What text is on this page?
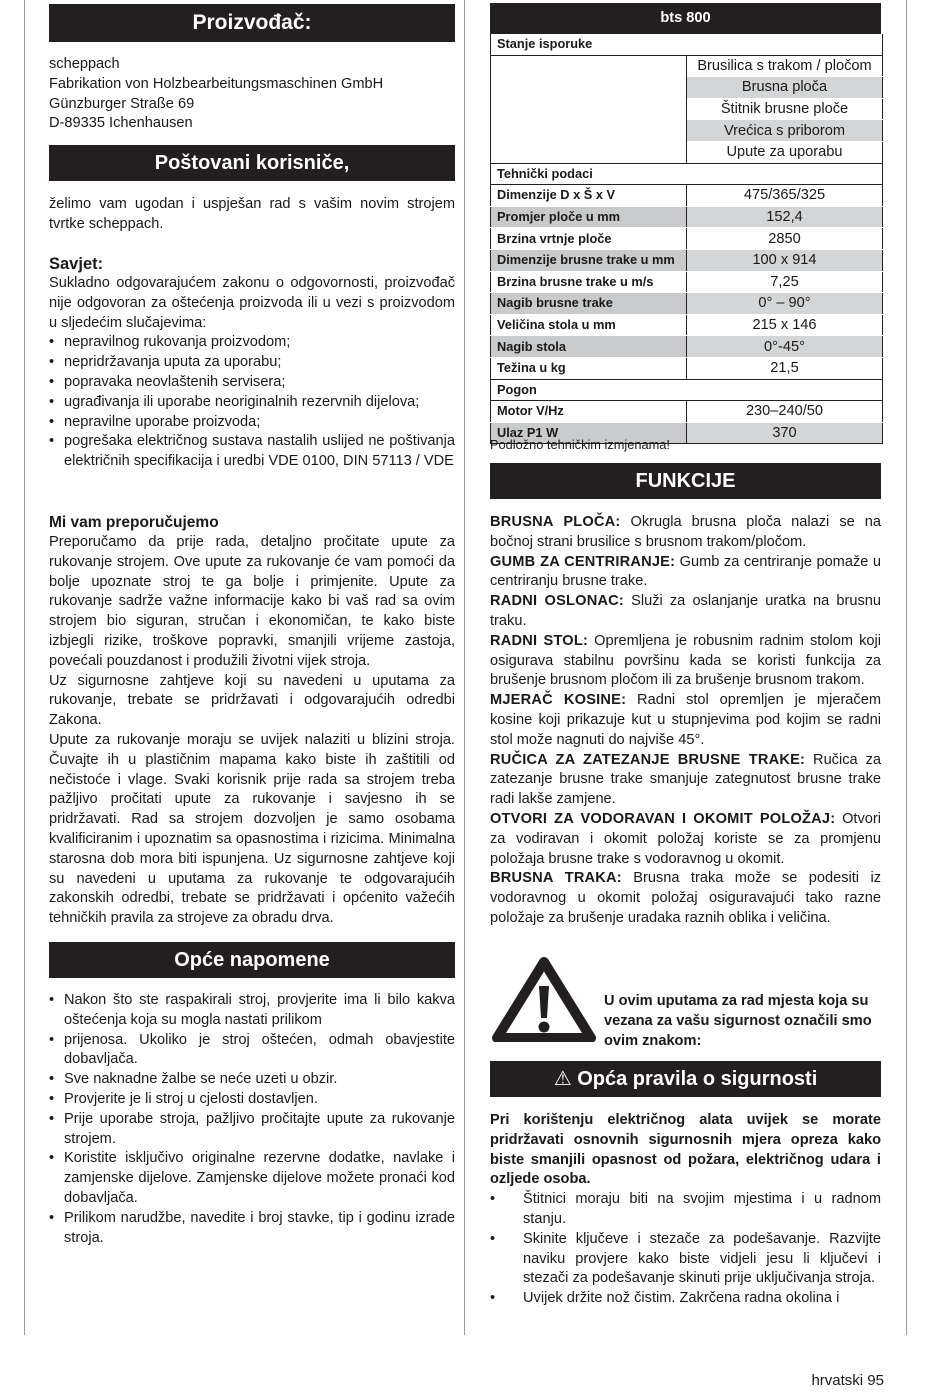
Proizvođač:

scheppach

Fabrikation von Holzbearbeitungsmaschinen GmbH

Günzburger Straße 69

D-89335 Ichenhausen

Poštovani korisniče,

želimo vam ugodan i uspješan rad s vašim novim strojem tvrtke scheppach.

Savjet:

Sukladno odgovarajućem zakonu o odgovornosti, proizvođač nije odgovoran za oštećenja proizvoda ili u vezi s proizvodom u sljedećim slučajevima:

• nepravilnog rukovanja proizvodom;
• nepridržavanja uputa za uporabu;
• popravaka neovlaštenih servisera;
• ugrađivanja ili uporabe neoriginalnih rezervnih dijelova;
• nepravilne uporabe proizvoda;
• pogrešaka električnog sustava nastalih uslijed ne poštivanja električnih specifikacija i uredbi VDE 0100, DIN 57113 / VDE

Mi vam preporučujemo

Preporučamo da prije rada, detaljno pročitate upute za rukovanje strojem. Ove upute za rukovanje će vam pomoći da bolje upoznate stroj te ga bolje i primjenite. Upute za rukovanje sadrže važne informacije kako bi vaš rad sa ovim strojem bio siguran, stručan i ekonomičan, te kako biste izbjegli rizike, troškove popravki, smanjili vrijeme zastoja, povećali pouzdanost i produžili životni vijek stroja.

Uz sigurnosne zahtjeve koji su navedeni u uputama za rukovanje, trebate se pridržavati i odgovarajućih odredbi Zakona.

Upute za rukovanje moraju se uvijek nalaziti u blizini stroja. Čuvajte ih u plastičnim mapama kako biste ih zaštitili od nečistoće i vlage. Svaki korisnik prije rada sa strojem treba pažljivo pročitati upute za rukovanje i savjesno ih se pridržavati. Rad sa strojem dozvoljen je samo osobama kvalificiranim i upoznatim sa opasnostima i rizicima. Minimalna starosna dob mora biti ispunjena. Uz sigurnosne zahtjeve koji su navedeni u uputama za rukovanje te odgovarajućih zakonskih odredbi, trebate se pridržavati i općenito važećih tehničkih pravila za strojeve za obradu drva.

Opće napomene
• Nakon što ste raspakirali stroj, provjerite ima li bilo kakva oštećenja koja su mogla nastati prilikom
• prijenosa. Ukoliko je stroj oštećen, odmah obavjestite dobavljača.
• Sve naknadne žalbe se neće uzeti u obzir.
• Provjerite je li stroj u cjelosti dostavljen.
• Prije uporabe stroja, pažljivo pročitajte upute za rukovanje strojem.
• Koristite isključivo originalne rezervne dodatke, navlake i zamjenske dijelove. Zamjenske dijelove možete pronaći kod dobavljača.
• Prilikom narudžbe, navedite i broj stavke, tip i godinu izrade stroja.
bts 800
Stanje isporuke	
	Brusilica s trakom / pločom
	Brusna ploča
	Štitnik brusne ploče
	Vrećica s priborom
	Upute za uporabu
Tehnički podaci	
Dimenzije D x Š x V	475/365/325
Promjer ploče u mm	152,4
Brzina vrtnje ploče	2850
Dimenzije brusne trake u mm	100 x 914
Brzina brusne trake u m/s	7,25
Nagib brusne trake	0° – 90°
Veličina stola u mm	215 x 146
Nagib stola	0°-45°
Težina u kg	21,5
Pogon	
Motor V/Hz	230–240/50
Ulaz P1 W	370

Podložno tehničkim izmjenama!

FUNKCIJE

BRUSNA PLOČA: Okrugla brusna ploča nalazi se na bočnoj strani brusilice s brusnom trakom/pločom.

GUMB ZA CENTRIRANJE: Gumb za centriranje pomaže u centriranju brusne trake.

RADNI OSLONAC: Služi za oslanjanje uratka na brusnu traku.

RADNI STOL: Opremljena je robusnim radnim stolom koji osigurava stabilnu površinu kada se koristi funkcija za brušenje brusnom pločom ili za brušenje brusnom trakom.

MJERAČ KOSINE: Radni stol opremljen je mjeračem kosine koji prikazuje kut u stupnjevima pod kojim se radni stol može nagnuti do najviše 45°.

RUČICA ZA ZATEZANJE BRUSNE TRAKE: Ručica za zatezanje brusne trake smanjuje zategnutost brusne trake radi lakše zamjene.

OTVORI ZA VODORAVAN I OKOMIT POLOŽAJ: Otvori za vodiravan i okomit položaj koriste se za promjenu položaja brusne trake s vodoravnog u okomit.

BRUSNA TRAKA: Brusna traka može se podesiti iz vodoravnog u okomit položaj osiguravajući tako razne položaje za brušenje uradaka raznih oblika i veličina.

U ovim uputama za rad mjesta koja su vezana za vašu sigurnost označili smo ovim znakom:

⚠ Opća pravila o sigurnosti

Pri korištenju električnog alata uvijek se morate pridržavati osnovnih sigurnosnih mjera opreza kako biste smanjili opasnost od požara, električnog udara i ozljede osoba.

• Štitnici moraju biti na svojim mjestima i u radnom stanju.
• Skinite ključeve i stezače za podešavanje. Razvijte naviku provjere kako biste vidjeli jesu li ključevi i stezači za podešavanje skinuti prije uključivanja stroja.
• Uvijek držite nož čistim. Zakrčena radna okolina i
hrvatski 95
